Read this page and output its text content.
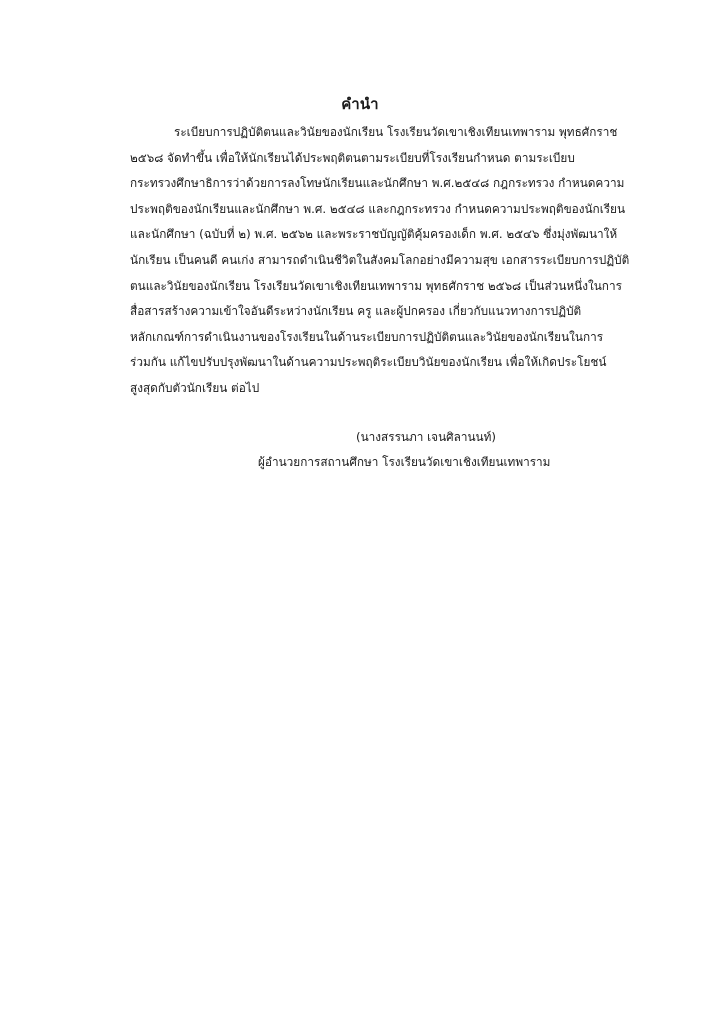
คำนำ
ระเบียบการปฏิบัติตนและวินัยของนักเรียน โรงเรียนวัดเขาเชิงเทียนเทพาราม พุทธศักราช
๒๕๖๘ จัดทำขึ้น เพื่อให้นักเรียนได้ประพฤติตนตามระเบียบที่โรงเรียนกำหนด ตามระเบียบ
กระทรวงศึกษาธิการว่าด้วยการลงโทษนักเรียนและนักศึกษา พ.ศ.๒๕๔๘ กฎกระทรวง กำหนดความ
ประพฤติของนักเรียนและนักศึกษา พ.ศ. ๒๕๔๘ และกฎกระทรวง กำหนดความประพฤติของนักเรียน
และนักศึกษา (ฉบับที่ ๒) พ.ศ. ๒๕๖๒ และพระราชบัญญัติคุ้มครองเด็ก พ.ศ. ๒๕๔๖ ซึ่งมุ่งพัฒนาให้
นักเรียน เป็นคนดี คนเก่ง สามารถดำเนินชีวิตในสังคมโลกอย่างมีความสุข เอกสารระเบียบการปฏิบัติ
ตนและวินัยของนักเรียน โรงเรียนวัดเขาเชิงเทียนเทพาราม พุทธศักราช ๒๕๖๘ เป็นส่วนหนึ่งในการ
สื่อสารสร้างความเข้าใจอันดีระหว่างนักเรียน ครู และผู้ปกครอง เกี่ยวกับแนวทางการปฏิบัติ
หลักเกณฑ์การดำเนินงานของโรงเรียนในด้านระเบียบการปฏิบัติตนและวินัยของนักเรียนในการ
ร่วมกัน แก้ไขปรับปรุงพัฒนาในด้านความประพฤติระเบียบวินัยของนักเรียน เพื่อให้เกิดประโยชน์
สูงสุดกับตัวนักเรียน ต่อไป
(นางสรรนภา เจนศิลานนท์)
ผู้อำนวยการสถานศึกษา โรงเรียนวัดเขาเชิงเทียนเทพาราม
